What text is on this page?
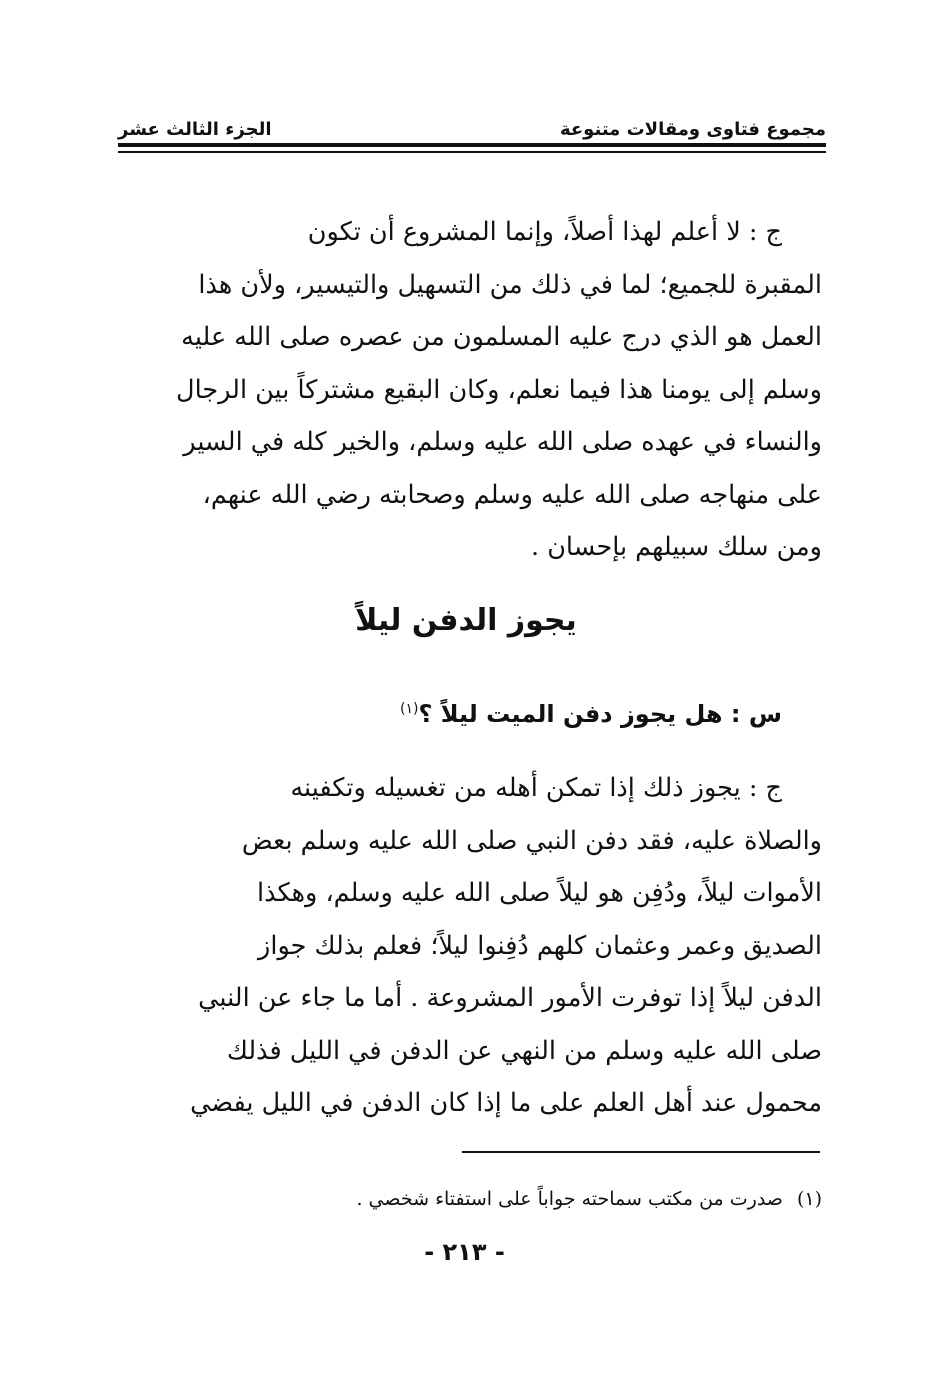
مجموع فتاوى ومقالات متنوعة
الجزء الثالث عشر
ج : لا أعلم لهذا أصلاً، وإنما المشروع أن تكون
المقبرة للجميع؛ لما في ذلك من التسهيل والتيسير، ولأن هذا
العمل هو الذي درج عليه المسلمون من عصره صلى الله عليه
وسلم إلى يومنا هذا فيما نعلم، وكان البقيع مشتركاً بين الرجال
والنساء في عهده صلى الله عليه وسلم، والخير كله في السير
على منهاجه صلى الله عليه وسلم وصحابته رضي الله عنهم،
ومن سلك سبيلهم بإحسان .
يجوز الدفن ليلاً
س : هل يجوز دفن الميت ليلاً ؟$^{(١)}$
ج : يجوز ذلك إذا تمكن أهله من تغسيله وتكفينه
والصلاة عليه، فقد دفن النبي صلى الله عليه وسلم بعض
الأموات ليلاً، ودُفِن هو ليلاً صلى الله عليه وسلم، وهكذا
الصديق وعمر وعثمان كلهم دُفِنوا ليلاً؛ فعلم بذلك جواز
الدفن ليلاً إذا توفرت الأمور المشروعة . أما ما جاء عن النبي
صلى الله عليه وسلم من النهي عن الدفن في الليل فذلك
محمول عند أهل العلم على ما إذا كان الدفن في الليل يفضي
(١)صدرت من مكتب سماحته جواباً على استفتاء شخصي .
- ٢١٣ -
